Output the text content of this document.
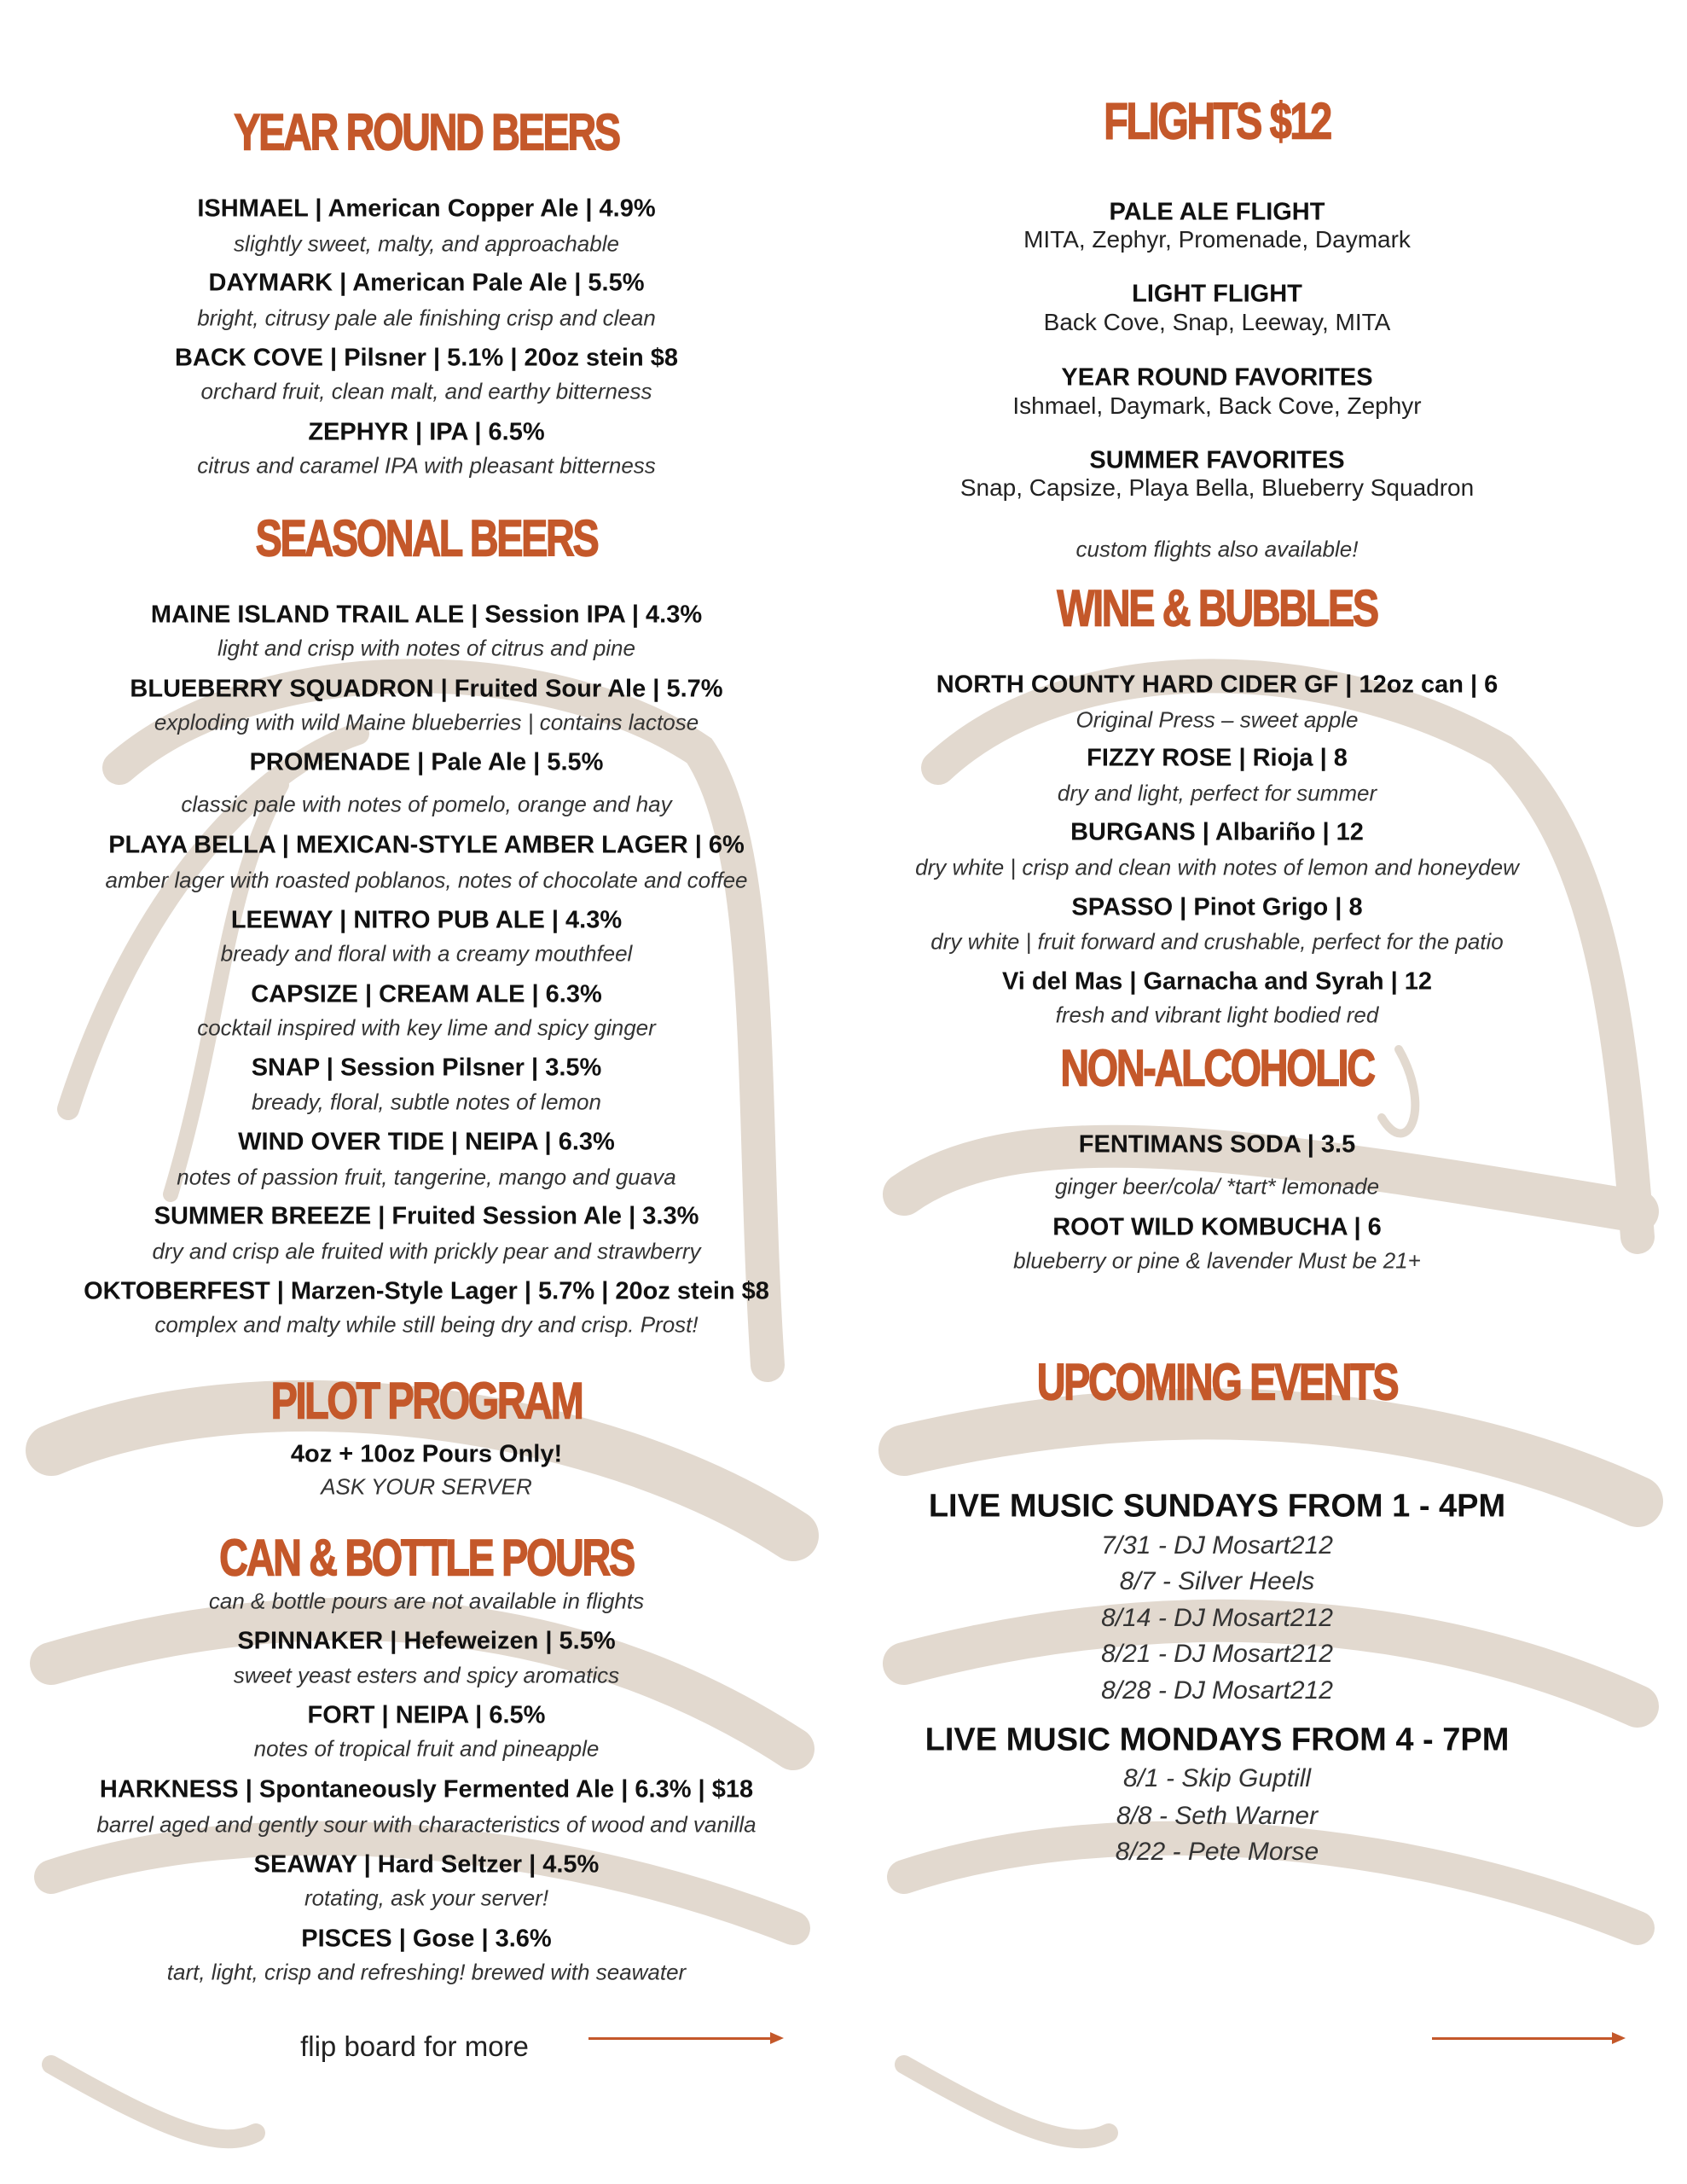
YEAR ROUND BEERS
ISHMAEL | American Copper Ale | 4.9%
slightly sweet, malty, and approachable
DAYMARK | American Pale Ale | 5.5%
bright, citrusy pale ale finishing crisp and clean
BACK COVE | Pilsner | 5.1% | 20oz stein $8
orchard fruit, clean malt, and earthy bitterness
ZEPHYR | IPA | 6.5%
citrus and caramel IPA with pleasant bitterness
SEASONAL BEERS
MAINE ISLAND TRAIL ALE | Session IPA | 4.3%
light and crisp with notes of citrus and pine
BLUEBERRY SQUADRON | Fruited Sour Ale | 5.7%
exploding with wild Maine blueberries | contains lactose
PROMENADE | Pale Ale | 5.5%
classic pale with notes of pomelo, orange and hay
PLAYA BELLA | MEXICAN-STYLE AMBER LAGER | 6%
amber lager with roasted poblanos, notes of chocolate and coffee
LEEWAY | NITRO PUB ALE | 4.3%
bready and floral with a creamy mouthfeel
CAPSIZE | CREAM ALE | 6.3%
cocktail inspired with key lime and spicy ginger
SNAP | Session Pilsner | 3.5%
bready, floral, subtle notes of lemon
WIND OVER TIDE | NEIPA | 6.3%
notes of passion fruit, tangerine, mango and guava
SUMMER BREEZE | Fruited Session Ale | 3.3%
dry and crisp ale fruited with prickly pear and strawberry
OKTOBERFEST | Marzen-Style Lager | 5.7% | 20oz stein $8
complex and malty while still being dry and crisp. Prost!
PILOT PROGRAM
4oz + 10oz Pours Only!
ASK YOUR SERVER
CAN & BOTTLE POURS
can & bottle pours are not available in flights
SPINNAKER | Hefeweizen | 5.5%
sweet yeast esters and spicy aromatics
FORT | NEIPA | 6.5%
notes of tropical fruit and pineapple
HARKNESS | Spontaneously Fermented Ale | 6.3% | $18
barrel aged and gently sour with characteristics of wood and vanilla
SEAWAY | Hard Seltzer | 4.5%
rotating, ask your server!
PISCES | Gose | 3.6%
tart, light, crisp and refreshing! brewed with seawater
flip board for more
FLIGHTS $12
PALE ALE FLIGHT
MITA, Zephyr, Promenade, Daymark
LIGHT FLIGHT
Back Cove, Snap, Leeway, MITA
YEAR ROUND FAVORITES
Ishmael, Daymark, Back Cove, Zephyr
SUMMER FAVORITES
Snap, Capsize, Playa Bella, Blueberry Squadron
custom flights also available!
WINE & BUBBLES
NORTH COUNTY HARD CIDER GF | 12oz can | 6
Original Press – sweet apple
FIZZY ROSE | Rioja | 8
dry and light, perfect for summer
BURGANS | Albariño | 12
dry white | crisp and clean with notes of lemon and honeydew
SPASSO | Pinot Grigo | 8
dry white | fruit forward and crushable, perfect for the patio
Vi del Mas | Garnacha and Syrah | 12
fresh and vibrant light bodied red
NON-ALCOHOLIC
FENTIMANS SODA | 3.5
ginger beer/cola/ *tart* lemonade
ROOT WILD KOMBUCHA | 6
blueberry or pine & lavender Must be 21+
UPCOMING EVENTS
LIVE MUSIC SUNDAYS FROM 1 - 4PM
7/31 - DJ Mosart212
8/7 - Silver Heels
8/14 - DJ Mosart212
8/21 - DJ Mosart212
8/28 - DJ Mosart212
LIVE MUSIC MONDAYS FROM 4 - 7PM
8/1 - Skip Guptill
8/8 - Seth Warner
8/22 - Pete Morse
